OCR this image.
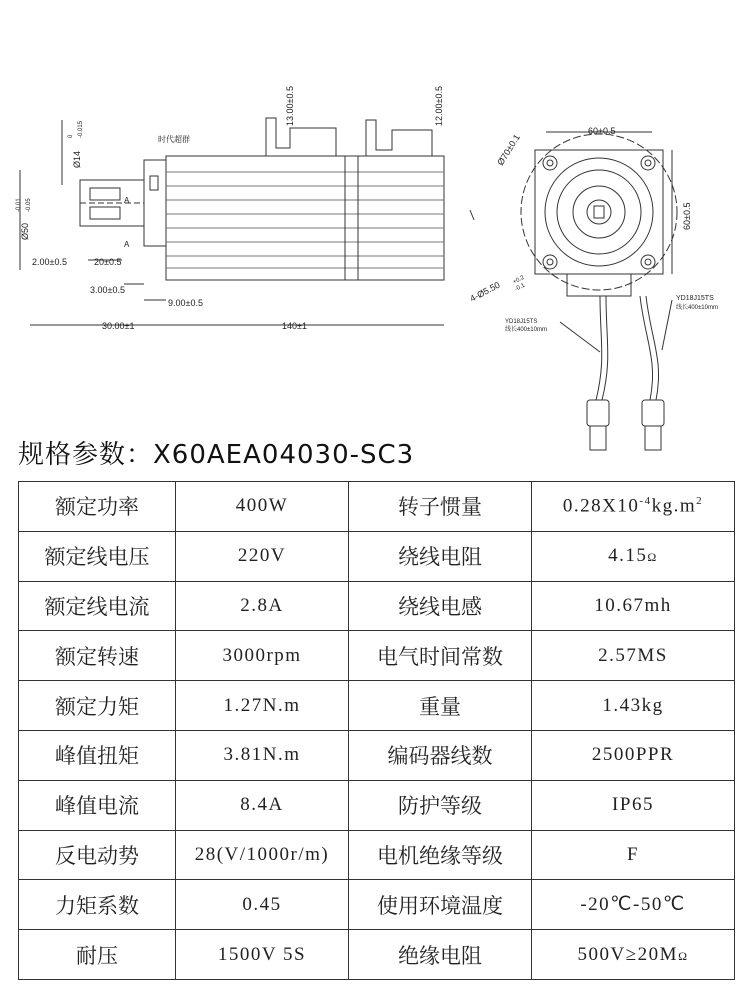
Ø14
0 -0.015
Ø50
-0.01 -0.05
2.00±0.5	20±0.5
3.00±0.5
9.00±0.5
30.00±1	140±1
13.00±0.5	12.00±0.5
60±0.5
60±0.5
Ø70±0.1
4-Ø5.50 +0.2
-0.1
A
A
时代超群
YD18J15TS
线长400±10mm
YD18J15TS
线长400±10mm
规格参数：X60AEA04030-SC3
额定功率	400W	转子惯量	$0.28X10^{-4}kg.m^2$
额定线电压	220V	绕线电阻	4.15Ω
额定线电流	2.8A	绕线电感	10.67mh
额定转速	3000rpm	电气时间常数	2.57MS
额定力矩	1.27N.m	重量	1.43kg
峰值扭矩	3.81N.m	编码器线数	2500PPR
峰值电流	8.4A	防护等级	IP65
反电动势	28(V/1000r/m)	电机绝缘等级	F
力矩系数	0.45	使用环境温度	-20℃-50℃
耐压	1500V 5S	绝缘电阻	500V≥20MΩ
